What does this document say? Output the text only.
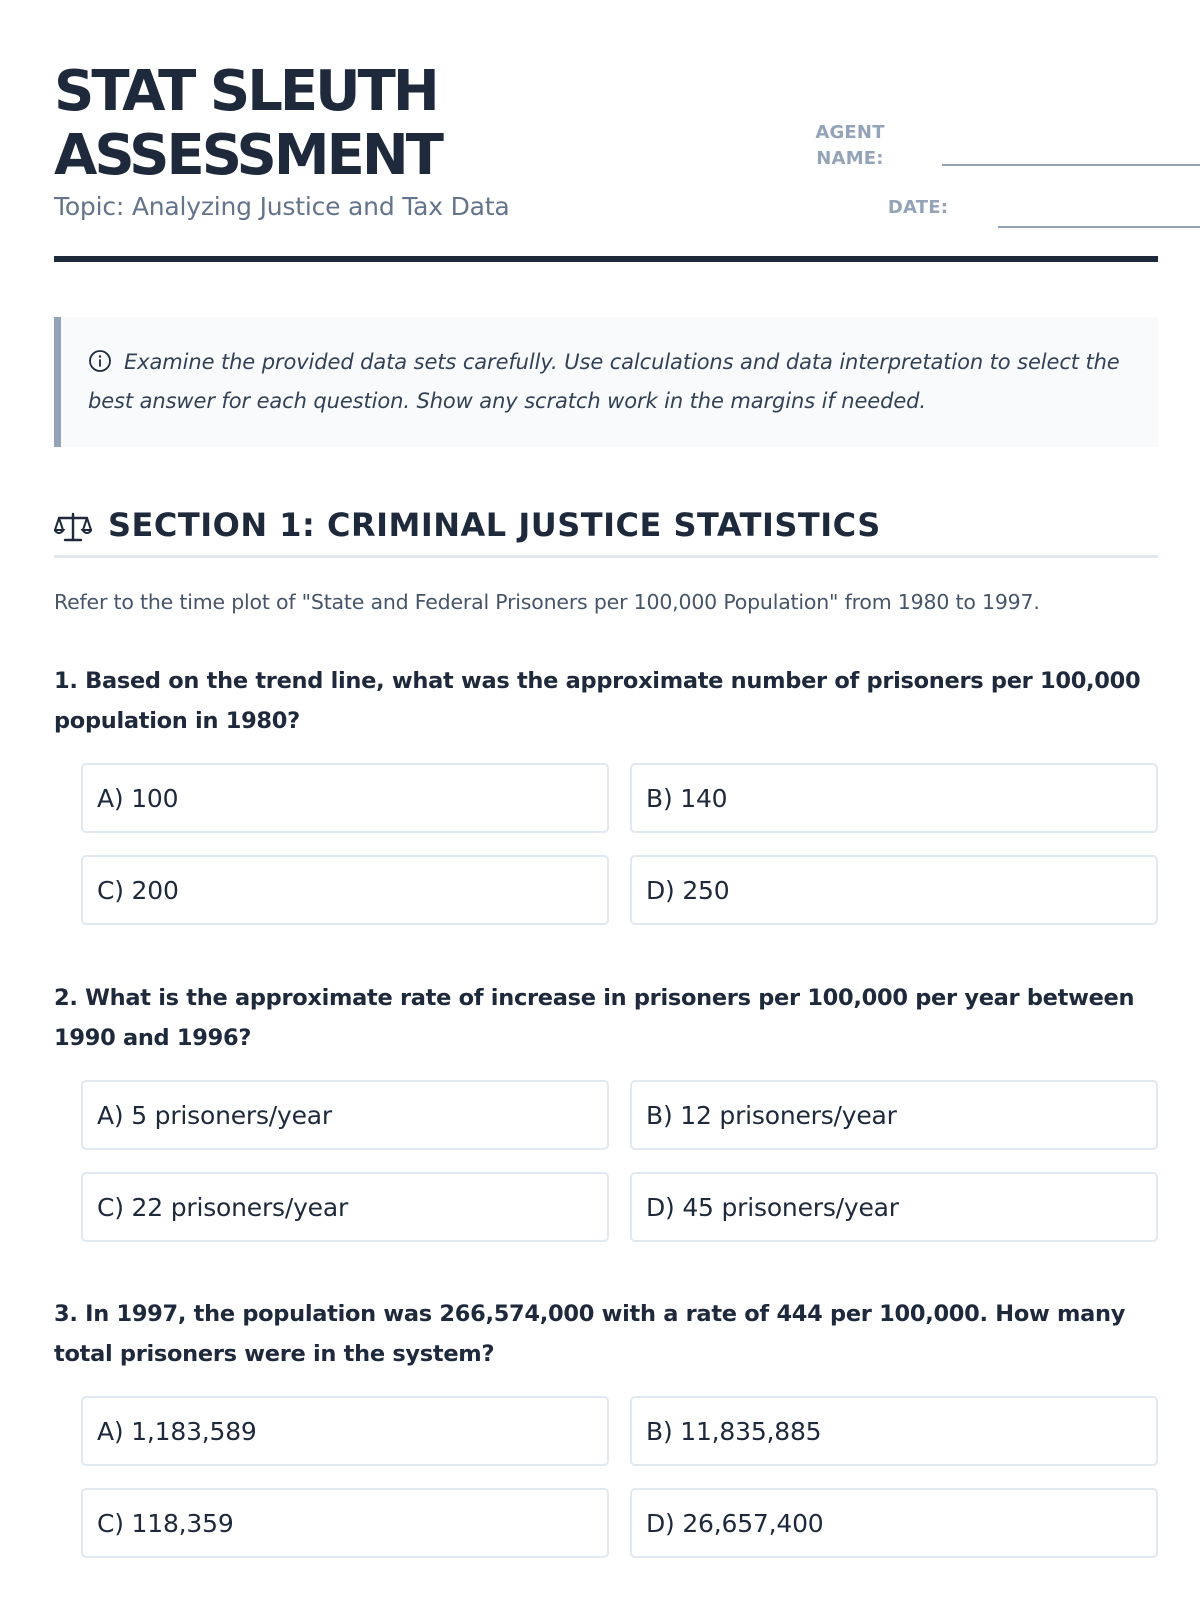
STAT SLEUTH
ASSESSMENT
Topic: Analyzing Justice and Tax Data
AGENT NAME:
DATE:

Examine the provided data sets carefully. Use calculations and data interpretation to select the best answer for each question. Show any scratch work in the margins if needed.

SECTION 1: CRIMINAL JUSTICE STATISTICS

Refer to the time plot of "State and Federal Prisoners per 100,000 Population" from 1980 to 1997.

1. Based on the trend line, what was the approximate number of prisoners per 100,000 population in 1980?

A) 100	B) 140
C) 200	D) 250

2. What is the approximate rate of increase in prisoners per 100,000 per year between 1990 and 1996?

A) 5 prisoners/year	B) 12 prisoners/year
C) 22 prisoners/year	D) 45 prisoners/year

3. In 1997, the population was 266,574,000 with a rate of 444 per 100,000. How many total prisoners were in the system?

A) 1,183,589	B) 11,835,885
C) 118,359	D) 26,657,400
